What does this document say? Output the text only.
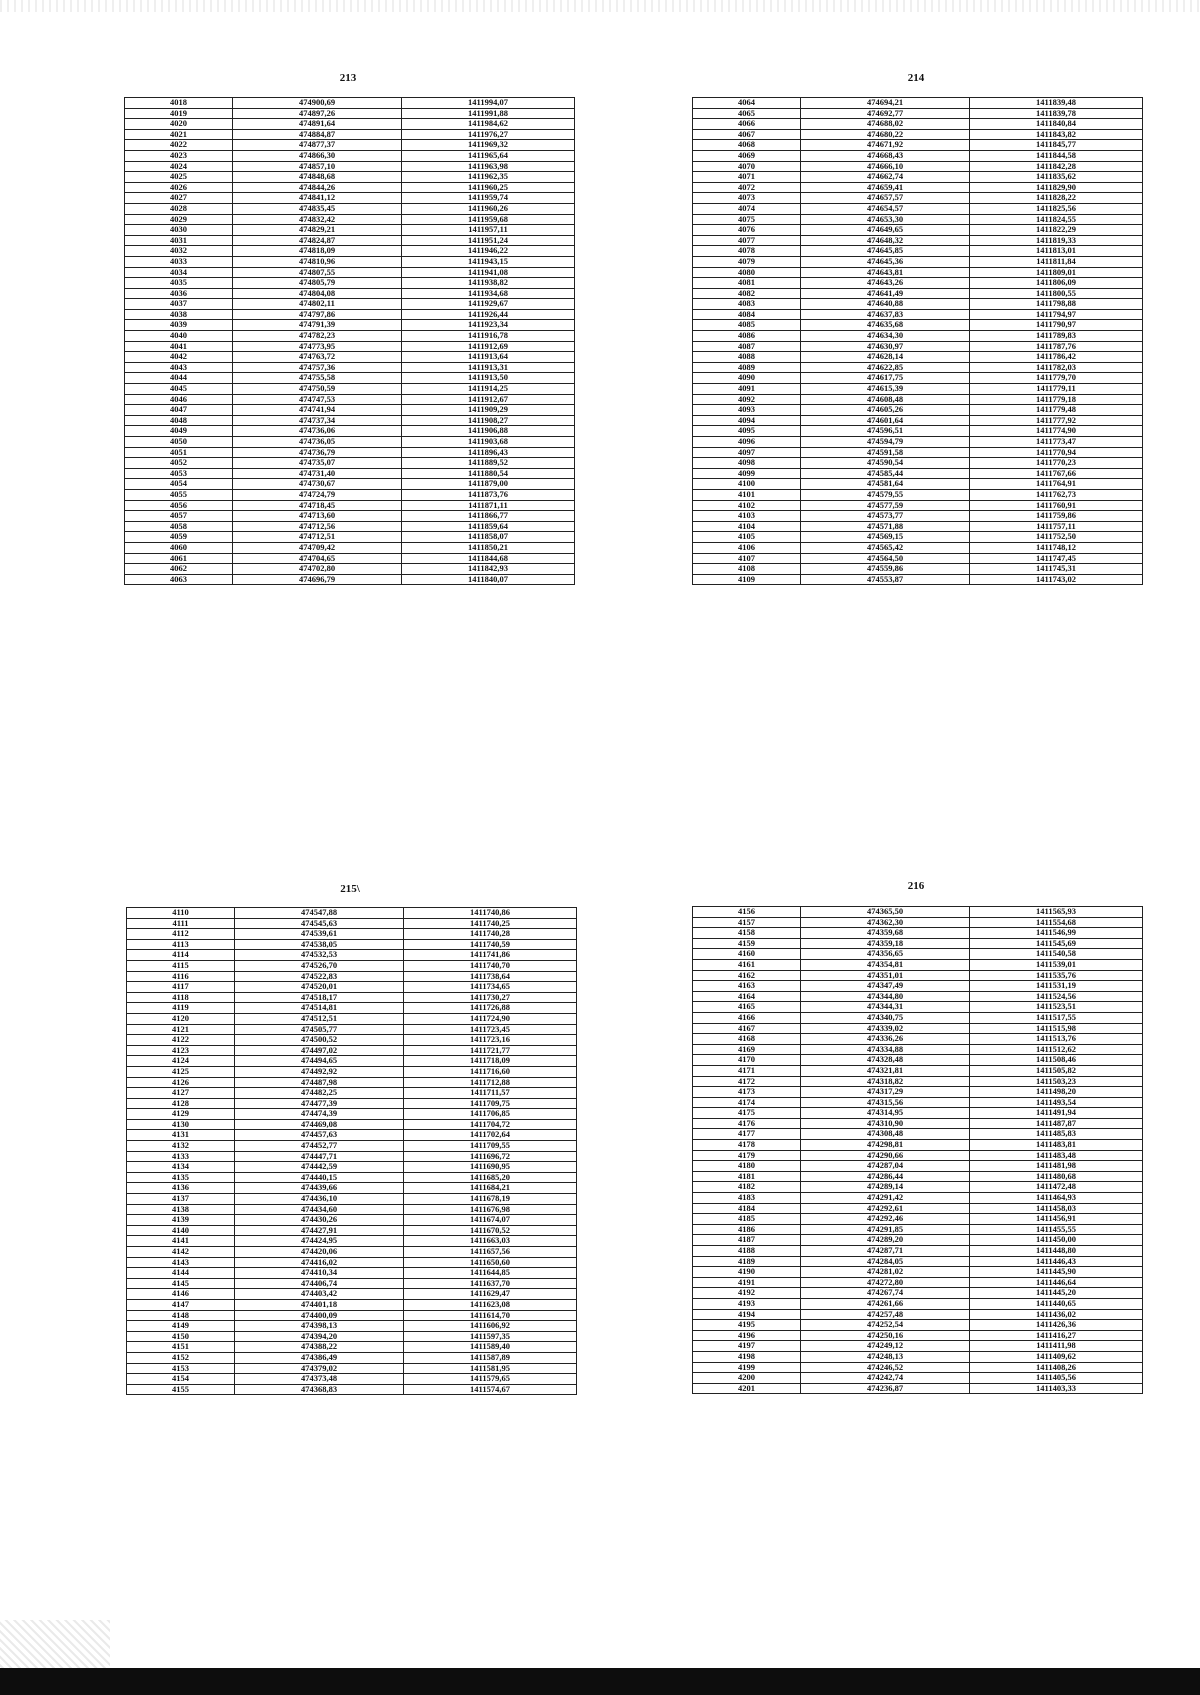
213	214
215\	216
4018	474900,69	1411994,07
4019	474897,26	1411991,88
4020	474891,64	1411984,62
4021	474884,87	1411976,27
4022	474877,37	1411969,32
4023	474866,30	1411965,64
4024	474857,10	1411963,98
4025	474848,68	1411962,35
4026	474844,26	1411960,25
4027	474841,12	1411959,74
4028	474835,45	1411960,26
4029	474832,42	1411959,68
4030	474829,21	1411957,11
4031	474824,87	1411951,24
4032	474818,09	1411946,22
4033	474810,96	1411943,15
4034	474807,55	1411941,08
4035	474805,79	1411938,82
4036	474804,08	1411934,68
4037	474802,11	1411929,67
4038	474797,86	1411926,44
4039	474791,39	1411923,34
4040	474782,23	1411916,78
4041	474773,95	1411912,69
4042	474763,72	1411913,64
4043	474757,36	1411913,31
4044	474755,58	1411913,50
4045	474750,59	1411914,25
4046	474747,53	1411912,67
4047	474741,94	1411909,29
4048	474737,34	1411908,27
4049	474736,06	1411906,88
4050	474736,05	1411903,68
4051	474736,79	1411896,43
4052	474735,07	1411889,52
4053	474731,40	1411880,54
4054	474730,67	1411879,00
4055	474724,79	1411873,76
4056	474718,45	1411871,11
4057	474713,60	1411866,77
4058	474712,56	1411859,64
4059	474712,51	1411858,07
4060	474709,42	1411850,21
4061	474704,65	1411844,68
4062	474702,80	1411842,93
4063	474696,79	1411840,07
4064	474694,21	1411839,48
4065	474692,77	1411839,78
4066	474688,02	1411840,84
4067	474680,22	1411843,82
4068	474671,92	1411845,77
4069	474668,43	1411844,58
4070	474666,10	1411842,28
4071	474662,74	1411835,62
4072	474659,41	1411829,90
4073	474657,57	1411828,22
4074	474654,57	1411825,56
4075	474653,30	1411824,55
4076	474649,65	1411822,29
4077	474648,32	1411819,33
4078	474645,85	1411813,01
4079	474645,36	1411811,84
4080	474643,81	1411809,01
4081	474643,26	1411806,09
4082	474641,49	1411800,55
4083	474640,88	1411798,88
4084	474637,83	1411794,97
4085	474635,68	1411790,97
4086	474634,30	1411789,83
4087	474630,97	1411787,76
4088	474628,14	1411786,42
4089	474622,85	1411782,03
4090	474617,75	1411779,70
4091	474615,39	1411779,11
4092	474608,48	1411779,18
4093	474605,26	1411779,48
4094	474601,64	1411777,92
4095	474596,51	1411774,90
4096	474594,79	1411773,47
4097	474591,58	1411770,94
4098	474590,54	1411770,23
4099	474585,44	1411767,66
4100	474581,64	1411764,91
4101	474579,55	1411762,73
4102	474577,59	1411760,91
4103	474573,77	1411759,86
4104	474571,88	1411757,11
4105	474569,15	1411752,50
4106	474565,42	1411748,12
4107	474564,50	1411747,45
4108	474559,86	1411745,31
4109	474553,87	1411743,02
4110	474547,88	1411740,86
4111	474545,63	1411740,25
4112	474539,61	1411740,28
4113	474538,05	1411740,59
4114	474532,53	1411741,86
4115	474526,70	1411740,70
4116	474522,83	1411738,64
4117	474520,01	1411734,65
4118	474518,17	1411730,27
4119	474514,81	1411726,88
4120	474512,51	1411724,90
4121	474505,77	1411723,45
4122	474500,52	1411723,16
4123	474497,02	1411721,77
4124	474494,65	1411718,09
4125	474492,92	1411716,60
4126	474487,98	1411712,88
4127	474482,25	1411711,57
4128	474477,39	1411709,75
4129	474474,39	1411706,85
4130	474469,08	1411704,72
4131	474457,63	1411702,64
4132	474452,77	1411709,55
4133	474447,71	1411696,72
4134	474442,59	1411690,95
4135	474440,15	1411685,20
4136	474439,66	1411684,21
4137	474436,10	1411678,19
4138	474434,60	1411676,98
4139	474430,26	1411674,07
4140	474427,91	1411670,52
4141	474424,95	1411663,03
4142	474420,06	1411657,56
4143	474416,02	1411650,60
4144	474410,34	1411644,85
4145	474406,74	1411637,70
4146	474403,42	1411629,47
4147	474401,18	1411623,08
4148	474400,09	1411614,70
4149	474398,13	1411606,92
4150	474394,20	1411597,35
4151	474388,22	1411589,40
4152	474386,49	1411587,89
4153	474379,02	1411581,95
4154	474373,48	1411579,65
4155	474368,83	1411574,67
4156	474365,50	1411565,93
4157	474362,30	1411554,68
4158	474359,68	1411546,99
4159	474359,18	1411545,69
4160	474356,65	1411540,58
4161	474354,81	1411539,01
4162	474351,01	1411535,76
4163	474347,49	1411531,19
4164	474344,80	1411524,56
4165	474344,31	1411523,51
4166	474340,75	1411517,55
4167	474339,02	1411515,98
4168	474336,26	1411513,76
4169	474334,88	1411512,62
4170	474328,48	1411508,46
4171	474321,81	1411505,82
4172	474318,82	1411503,23
4173	474317,29	1411498,20
4174	474315,56	1411493,54
4175	474314,95	1411491,94
4176	474310,90	1411487,87
4177	474308,48	1411485,83
4178	474298,81	1411483,81
4179	474290,66	1411483,48
4180	474287,04	1411481,98
4181	474286,44	1411480,68
4182	474289,14	1411472,48
4183	474291,42	1411464,93
4184	474292,61	1411458,03
4185	474292,46	1411456,91
4186	474291,85	1411455,55
4187	474289,20	1411450,00
4188	474287,71	1411448,80
4189	474284,05	1411446,43
4190	474281,02	1411445,90
4191	474272,80	1411446,64
4192	474267,74	1411445,20
4193	474261,66	1411440,65
4194	474257,48	1411436,02
4195	474252,54	1411426,36
4196	474250,16	1411416,27
4197	474249,12	1411411,98
4198	474248,13	1411409,62
4199	474246,52	1411408,26
4200	474242,74	1411405,56
4201	474236,87	1411403,33
